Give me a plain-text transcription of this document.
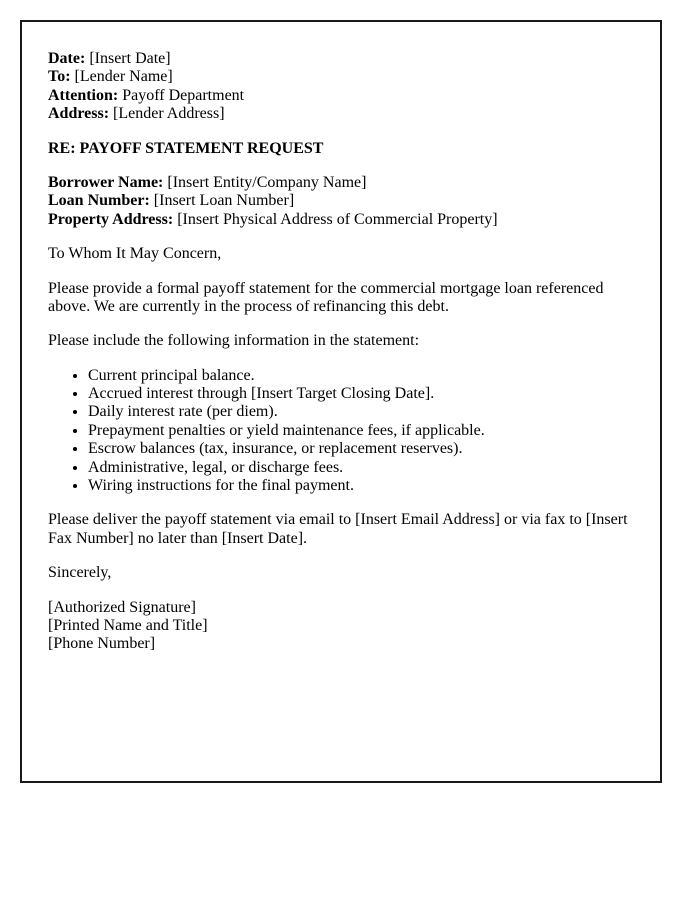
Date: [Insert Date]
To: [Lender Name]
Attention: Payoff Department
Address: [Lender Address]

RE: PAYOFF STATEMENT REQUEST

Borrower Name: [Insert Entity/Company Name]
Loan Number: [Insert Loan Number]
Property Address: [Insert Physical Address of Commercial Property]

To Whom It May Concern,

Please provide a formal payoff statement for the commercial mortgage loan referenced above. We are currently in the process of refinancing this debt.

Please include the following information in the statement:

• Current principal balance.
• Accrued interest through [Insert Target Closing Date].
• Daily interest rate (per diem).
• Prepayment penalties or yield maintenance fees, if applicable.
• Escrow balances (tax, insurance, or replacement reserves).
• Administrative, legal, or discharge fees.
• Wiring instructions for the final payment.

Please deliver the payoff statement via email to [Insert Email Address] or via fax to [Insert Fax Number] no later than [Insert Date].

Sincerely,

[Authorized Signature]
[Printed Name and Title]
[Phone Number]
